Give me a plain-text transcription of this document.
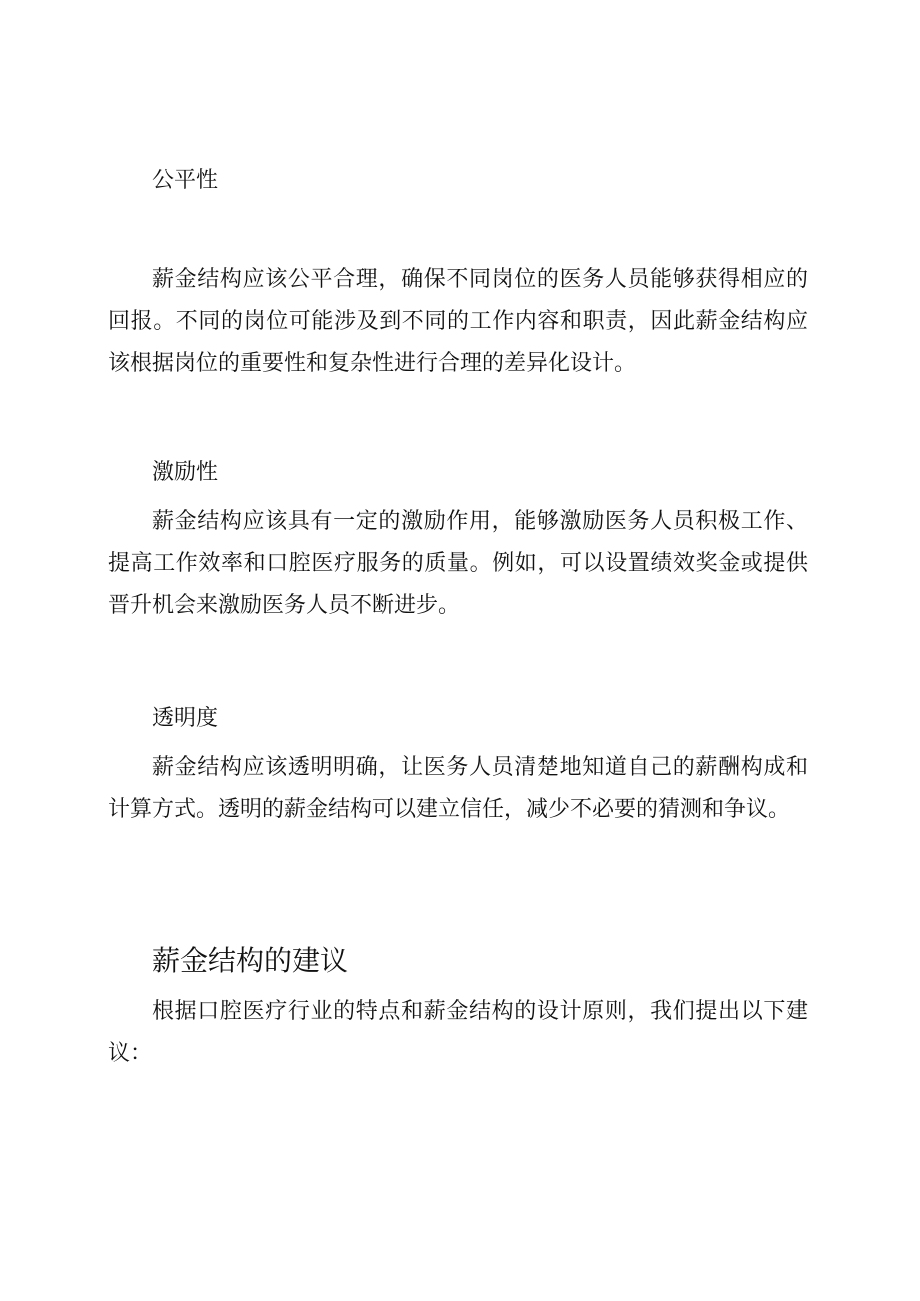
公平性

薪金结构应该公平合理，确保不同岗位的医务人员能够获得相应的回报。不同的岗位可能涉及到不同的工作内容和职责，因此薪金结构应该根据岗位的重要性和复杂性进行合理的差异化设计。

激励性

薪金结构应该具有一定的激励作用，能够激励医务人员积极工作、提高工作效率和口腔医疗服务的质量。例如，可以设置绩效奖金或提供晋升机会来激励医务人员不断进步。

透明度

薪金结构应该透明明确，让医务人员清楚地知道自己的薪酬构成和计算方式。透明的薪金结构可以建立信任，减少不必要的猜测和争议。

薪金结构的建议

根据口腔医疗行业的特点和薪金结构的设计原则，我们提出以下建议：
